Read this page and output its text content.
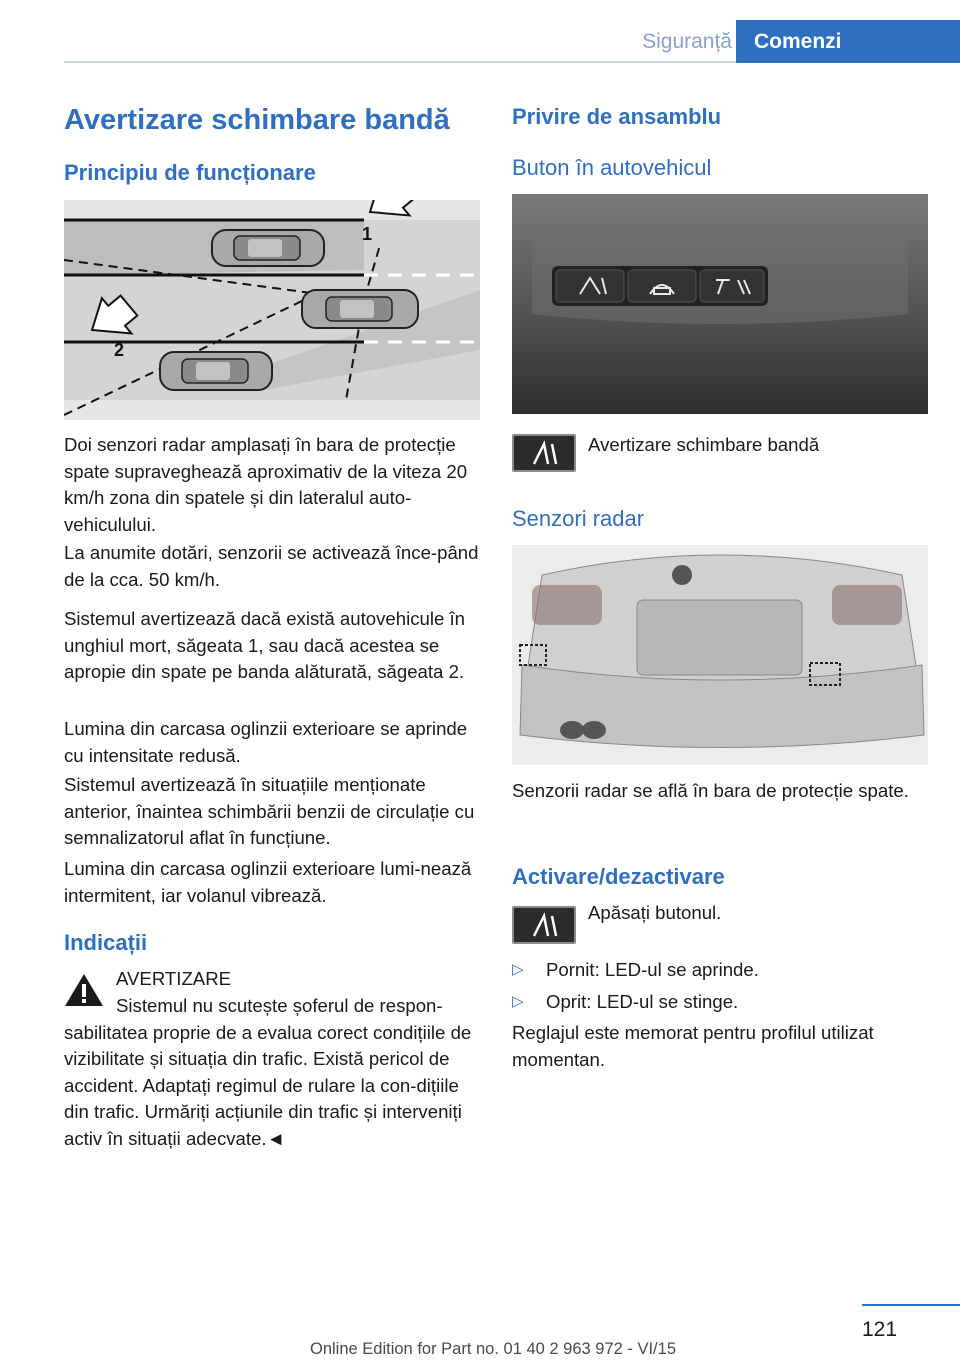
Siguranță	Comenzi
Avertizare schimbare bandă
Principiu de funcționare
1
2
Doi senzori radar amplasați în bara de protecție spate supraveghează aproximativ de la viteza 20 km/h zona din spatele și din lateralul auto‐vehiculului.
La anumite dotări, senzorii se activează înce‐pând de la cca. 50 km/h.
Sistemul avertizează dacă există autovehicule în unghiul mort, săgeata 1, sau dacă acestea se apropie din spate pe banda alăturată, săgeata 2.
Lumina din carcasa oglinzii exterioare se aprinde cu intensitate redusă.
Sistemul avertizează în situațiile menționate anterior, înaintea schimbării benzii de circulație cu semnalizatorul aflat în funcțiune.
Lumina din carcasa oglinzii exterioare lumi‐nează intermitent, iar volanul vibrează.
Indicații
AVERTIZARE
Sistemul nu scutește șoferul de respon‐sabilitatea proprie de a evalua corect condițiile de vizibilitate și situația din trafic. Există pericol de accident. Adaptați regimul de rulare la con‐dițiile din trafic. Urmăriți acțiunile din trafic și interveniți activ în situații adecvate.◄
Privire de ansamblu
Buton în autovehicul
Avertizare schimbare bandă
Senzori radar
Senzorii radar se află în bara de protecție spate.
Activare/dezactivare
Apăsați butonul.
▷ Pornit: LED-ul se aprinde.
▷ Oprit: LED-ul se stinge.
Reglajul este memorat pentru profilul utilizat momentan.
121
Online Edition for Part no. 01 40 2 963 972 - VI/15
